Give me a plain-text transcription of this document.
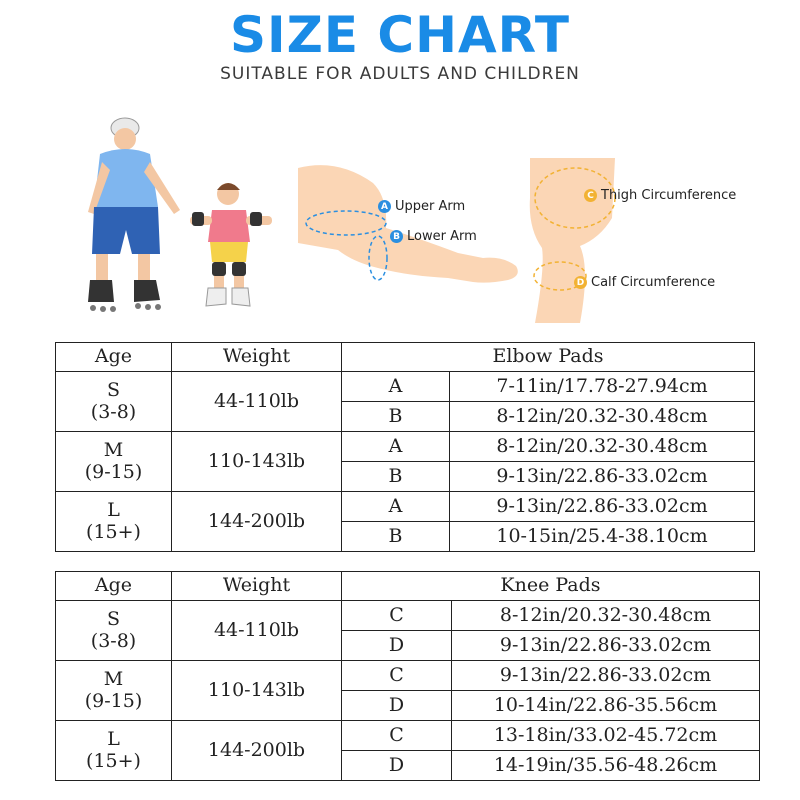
SIZE CHART
SUITABLE FOR ADULTS AND CHILDREN
A Upper Arm
B Lower Arm
C Thigh Circumference
D Calf Circumference
Age	Weight	Elbow Pads	

S
(3-8)	44-110lb	A	7-11in/17.78-27.94cm
		B	8-12in/20.32-30.48cm

M
(9-15)	110-143lb	A	8-12in/20.32-30.48cm
		B	9-13in/22.86-33.02cm

L
(15+)	144-200lb	A	9-13in/22.86-33.02cm
		B	10-15in/25.4-38.10cm
Age	Weight	Knee Pads	

S
(3-8)	44-110lb	C	8-12in/20.32-30.48cm
		D	9-13in/22.86-33.02cm

M
(9-15)	110-143lb	C	9-13in/22.86-33.02cm
		D	10-14in/22.86-35.56cm

L
(15+)	144-200lb	C	13-18in/33.02-45.72cm
		D	14-19in/35.56-48.26cm
